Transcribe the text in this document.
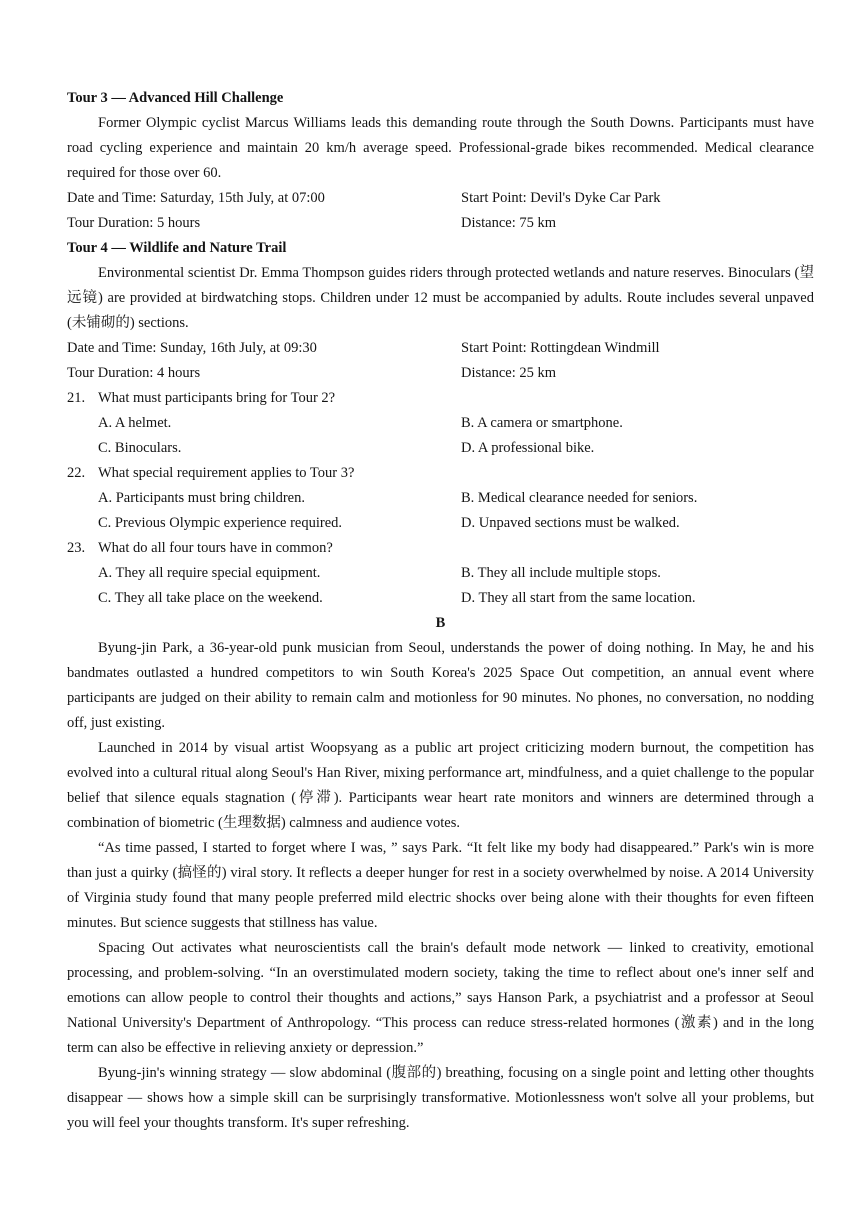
Tour 3 — Advanced Hill Challenge

Former Olympic cyclist Marcus Williams leads this demanding route through the South Downs. Participants must have road cycling experience and maintain 20 km/h average speed. Professional-grade bikes recommended. Medical clearance required for those over 60.

Date and Time: Saturday, 15th July, at 07:00	Start Point: Devil's Dyke Car Park
Tour Duration: 5 hours	Distance: 75 km
Tour 4 — Wildlife and Nature Trail

Environmental scientist Dr. Emma Thompson guides riders through protected wetlands and nature reserves. Binoculars (望远镜) are provided at birdwatching stops. Children under 12 must be accompanied by adults. Route includes several unpaved (未铺砌的) sections.

Date and Time: Sunday, 16th July, at 09:30	Start Point: Rottingdean Windmill
Tour Duration: 4 hours	Distance: 25 km
21. What must participants bring for Tour 2?
A. A helmet.	B. A camera or smartphone.
C. Binoculars.	D. A professional bike.
22. What special requirement applies to Tour 3?
A. Participants must bring children.	B. Medical clearance needed for seniors.
C. Previous Olympic experience required.	D. Unpaved sections must be walked.
23. What do all four tours have in common?
A. They all require special equipment.	B. They all include multiple stops.
C. They all take place on the weekend.	D. They all start from the same location.
B

Byung-jin Park, a 36-year-old punk musician from Seoul, understands the power of doing nothing. In May, he and his bandmates outlasted a hundred competitors to win South Korea's 2025 Space Out competition, an annual event where participants are judged on their ability to remain calm and motionless for 90 minutes. No phones, no conversation, no nodding off, just existing.

Launched in 2014 by visual artist Woopsyang as a public art project criticizing modern burnout, the competition has evolved into a cultural ritual along Seoul's Han River, mixing performance art, mindfulness, and a quiet challenge to the popular belief that silence equals stagnation (停滞). Participants wear heart rate monitors and winners are determined through a combination of biometric (生理数据) calmness and audience votes.

“As time passed, I started to forget where I was, ” says Park. “It felt like my body had disappeared.” Park's win is more than just a quirky (搞怪的) viral story. It reflects a deeper hunger for rest in a society overwhelmed by noise. A 2014 University of Virginia study found that many people preferred mild electric shocks over being alone with their thoughts for even fifteen minutes. But science suggests that stillness has value.

Spacing Out activates what neuroscientists call the brain's default mode network — linked to creativity, emotional processing, and problem-solving. “In an overstimulated modern society, taking the time to reflect about one's inner self and emotions can allow people to control their thoughts and actions,” says Hanson Park, a psychiatrist and a professor at Seoul National University's Department of Anthropology. “This process can reduce stress-related hormones (激素) and in the long term can also be effective in relieving anxiety or depression.”

Byung-jin's winning strategy — slow abdominal (腹部的) breathing, focusing on a single point and letting other thoughts disappear — shows how a simple skill can be surprisingly transformative. Motionlessness won't solve all your problems, but you will feel your thoughts transform. It's super refreshing.
